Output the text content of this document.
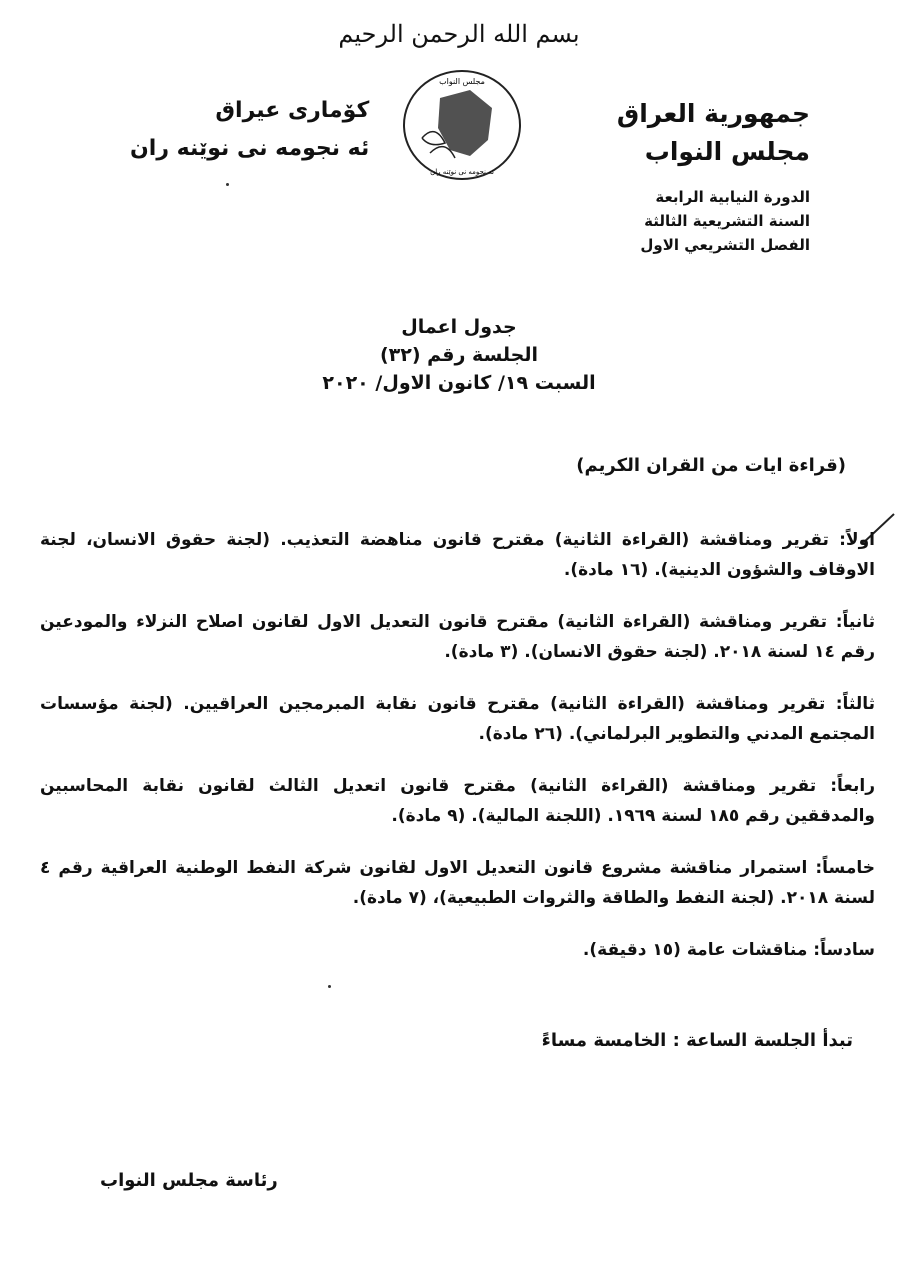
بسم الله الرحمن الرحيم
جمهورية العراق
مجلس النواب
مجلس النواب
ئه نجومه نی نوێنه ران
كۆماری عیراق
ئه نجومه نی نوێنه ران
الدورة النيابية الرابعة
السنة التشريعية الثالثة
الفصل التشريعي الاول
جدول اعمال
الجلسة رقم (٣٢)
السبت ١٩/ كانون الاول/ ٢٠٢٠
(قراءة ايات من القران الكريم)
اولاً: تقرير ومناقشة (القراءة الثانية) مقترح قانون مناهضة التعذيب. (لجنة حقوق الانسان، لجنة الاوقاف والشؤون الدينية). (١٦ مادة).
ثانياً: تقرير ومناقشة (القراءة الثانية) مقترح قانون التعديل الاول لقانون اصلاح النزلاء والمودعين رقم ١٤ لسنة ٢٠١٨. (لجنة حقوق الانسان). (٣ مادة).
ثالثاً: تقرير ومناقشة (القراءة الثانية) مقترح قانون نقابة المبرمجين العراقيين. (لجنة مؤسسات المجتمع المدني والتطوير البرلماني). (٢٦ مادة).
رابعاً: تقرير ومناقشة (القراءة الثانية) مقترح قانون اتعديل الثالث لقانون نقابة المحاسبين والمدققين رقم ١٨٥ لسنة ١٩٦٩. (اللجنة المالية). (٩ مادة).
خامساً: استمرار مناقشة مشروع قانون التعديل الاول لقانون شركة النفط الوطنية العراقية رقم ٤ لسنة ٢٠١٨. (لجنة النفط والطاقة والثروات الطبيعية)، (٧ مادة).
سادساً: مناقشات عامة (١٥ دقيقة).
تبدأ الجلسة الساعة : الخامسة مساءً
رئاسة مجلس النواب
